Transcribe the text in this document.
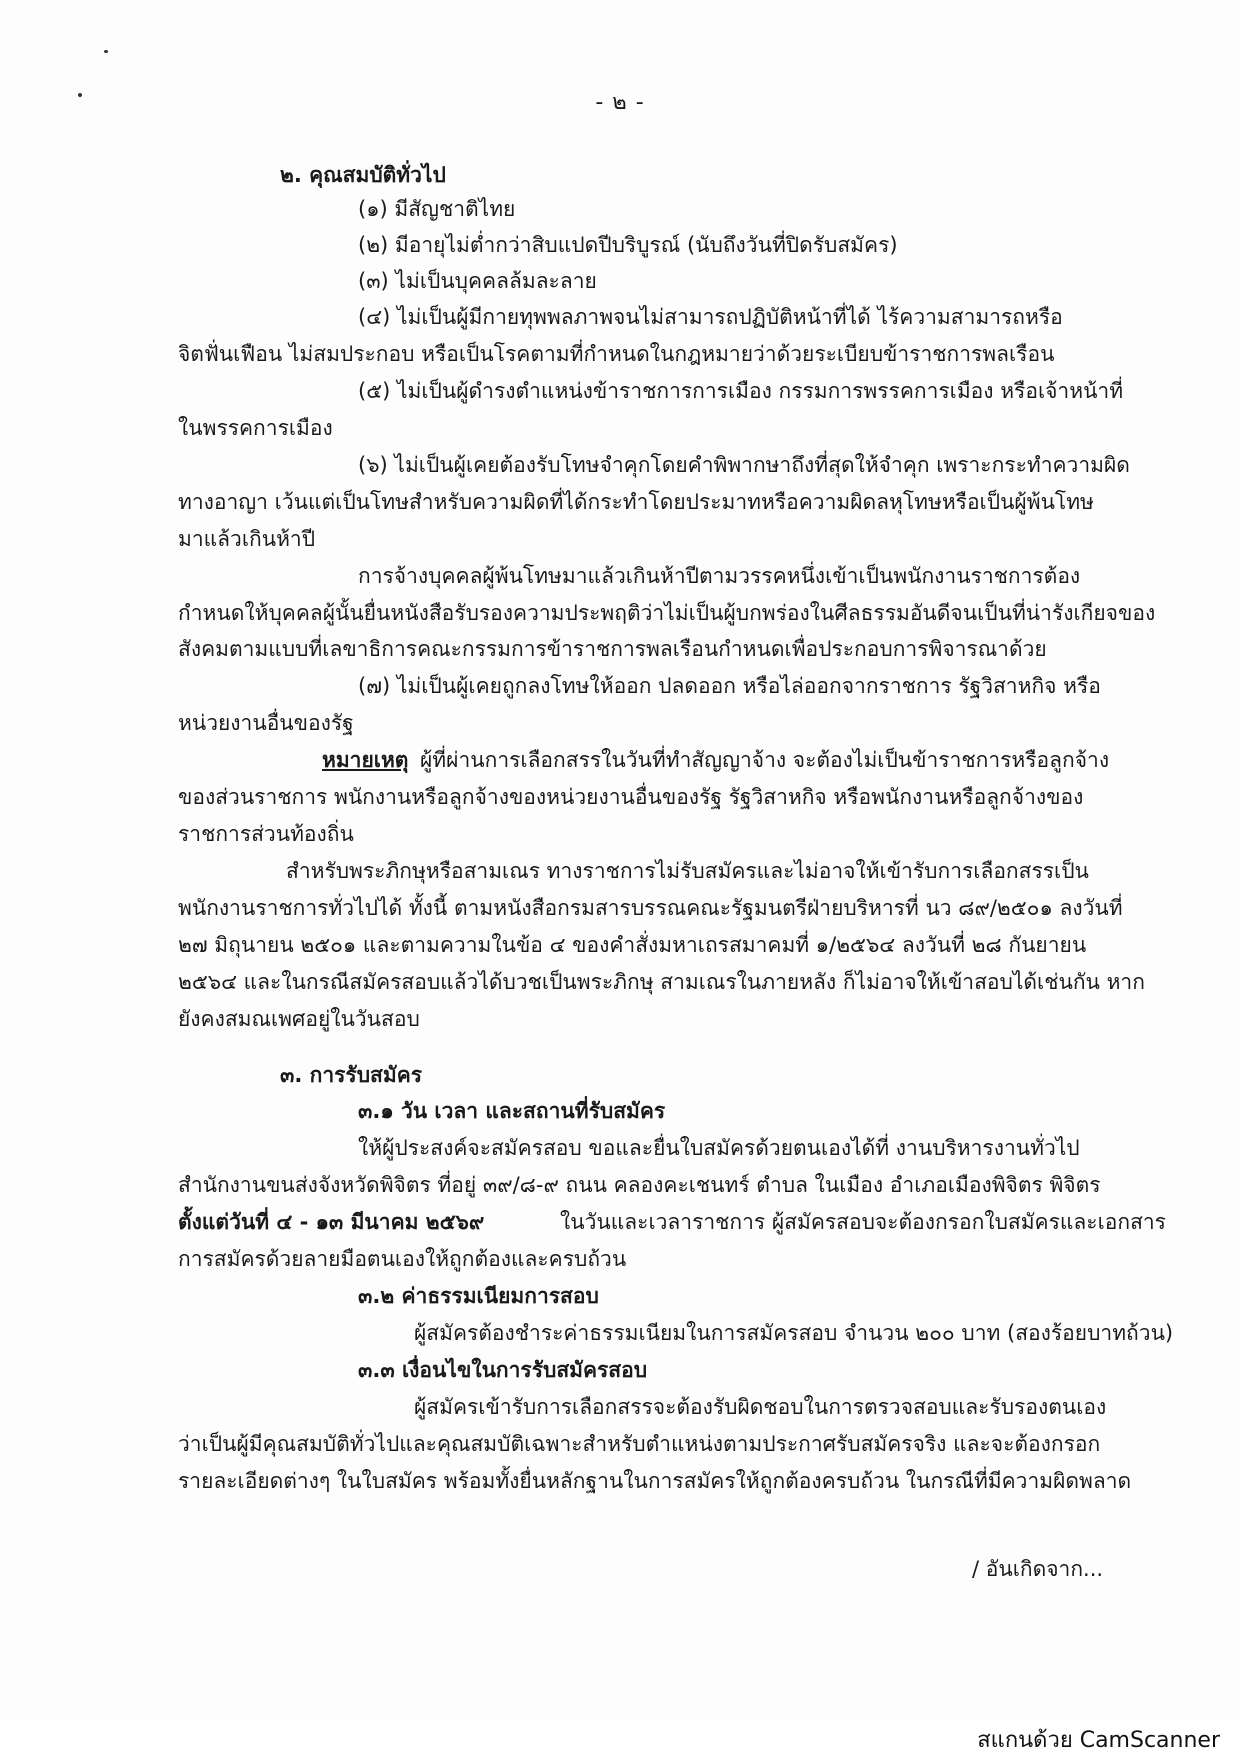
- ๒ -
๒. คุณสมบัติทั่วไป
(๑) มีสัญชาติไทย
(๒) มีอายุไม่ต่ำกว่าสิบแปดปีบริบูรณ์ (นับถึงวันที่ปิดรับสมัคร)
(๓) ไม่เป็นบุคคลล้มละลาย
(๔) ไม่เป็นผู้มีกายทุพพลภาพจนไม่สามารถปฏิบัติหน้าที่ได้ ไร้ความสามารถหรือ
จิตฟั่นเฟือน ไม่สมประกอบ หรือเป็นโรคตามที่กำหนดในกฎหมายว่าด้วยระเบียบข้าราชการพลเรือน
(๕) ไม่เป็นผู้ดำรงตำแหน่งข้าราชการการเมือง กรรมการพรรคการเมือง หรือเจ้าหน้าที่
ในพรรคการเมือง
(๖) ไม่เป็นผู้เคยต้องรับโทษจำคุกโดยคำพิพากษาถึงที่สุดให้จำคุก เพราะกระทำความผิด
ทางอาญา เว้นแต่เป็นโทษสำหรับความผิดที่ได้กระทำโดยประมาทหรือความผิดลหุโทษหรือเป็นผู้พ้นโทษ
มาแล้วเกินห้าปี
การจ้างบุคคลผู้พ้นโทษมาแล้วเกินห้าปีตามวรรคหนึ่งเข้าเป็นพนักงานราชการต้อง
กำหนดให้บุคคลผู้นั้นยื่นหนังสือรับรองความประพฤติว่าไม่เป็นผู้บกพร่องในศีลธรรมอันดีจนเป็นที่น่ารังเกียจของ
สังคมตามแบบที่เลขาธิการคณะกรรมการข้าราชการพลเรือนกำหนดเพื่อประกอบการพิจารณาด้วย
(๗) ไม่เป็นผู้เคยถูกลงโทษให้ออก ปลดออก หรือไล่ออกจากราชการ รัฐวิสาหกิจ หรือ
หน่วยงานอื่นของรัฐ
หมายเหตุ ผู้ที่ผ่านการเลือกสรรในวันที่ทำสัญญาจ้าง จะต้องไม่เป็นข้าราชการหรือลูกจ้าง
ของส่วนราชการ พนักงานหรือลูกจ้างของหน่วยงานอื่นของรัฐ รัฐวิสาหกิจ หรือพนักงานหรือลูกจ้างของ
ราชการส่วนท้องถิ่น
สำหรับพระภิกษุหรือสามเณร ทางราชการไม่รับสมัครและไม่อาจให้เข้ารับการเลือกสรรเป็น
พนักงานราชการทั่วไปได้ ทั้งนี้ ตามหนังสือกรมสารบรรณคณะรัฐมนตรีฝ่ายบริหารที่ นว ๘๙/๒๕๐๑ ลงวันที่
๒๗ มิถุนายน ๒๕๐๑ และตามความในข้อ ๔ ของคำสั่งมหาเถรสมาคมที่ ๑/๒๕๖๔ ลงวันที่ ๒๘ กันยายน
๒๕๖๔ และในกรณีสมัครสอบแล้วได้บวชเป็นพระภิกษุ สามเณรในภายหลัง ก็ไม่อาจให้เข้าสอบได้เช่นกัน หาก
ยังคงสมณเพศอยู่ในวันสอบ
๓. การรับสมัคร
๓.๑ วัน เวลา และสถานที่รับสมัคร
ให้ผู้ประสงค์จะสมัครสอบ ขอและยื่นใบสมัครด้วยตนเองได้ที่ งานบริหารงานทั่วไป
สำนักงานขนส่งจังหวัดพิจิตร ที่อยู่ ๓๙/๘-๙ ถนน คลองคะเชนทร์ ตำบล ในเมือง อำเภอเมืองพิจิตร พิจิตร
ตั้งแต่วันที่ ๔ - ๑๓ มีนาคม ๒๕๖๙	ในวันและเวลาราชการ ผู้สมัครสอบจะต้องกรอกใบสมัครและเอกสาร
การสมัครด้วยลายมือตนเองให้ถูกต้องและครบถ้วน
๓.๒ ค่าธรรมเนียมการสอบ
ผู้สมัครต้องชำระค่าธรรมเนียมในการสมัครสอบ จำนวน ๒๐๐ บาท (สองร้อยบาทถ้วน)
๓.๓ เงื่อนไขในการรับสมัครสอบ
ผู้สมัครเข้ารับการเลือกสรรจะต้องรับผิดชอบในการตรวจสอบและรับรองตนเอง
ว่าเป็นผู้มีคุณสมบัติทั่วไปและคุณสมบัติเฉพาะสำหรับตำแหน่งตามประกาศรับสมัครจริง และจะต้องกรอก
รายละเอียดต่างๆ ในใบสมัคร พร้อมทั้งยื่นหลักฐานในการสมัครให้ถูกต้องครบถ้วน ในกรณีที่มีความผิดพลาด
/ อันเกิดจาก...
สแกนด้วย CamScanner
